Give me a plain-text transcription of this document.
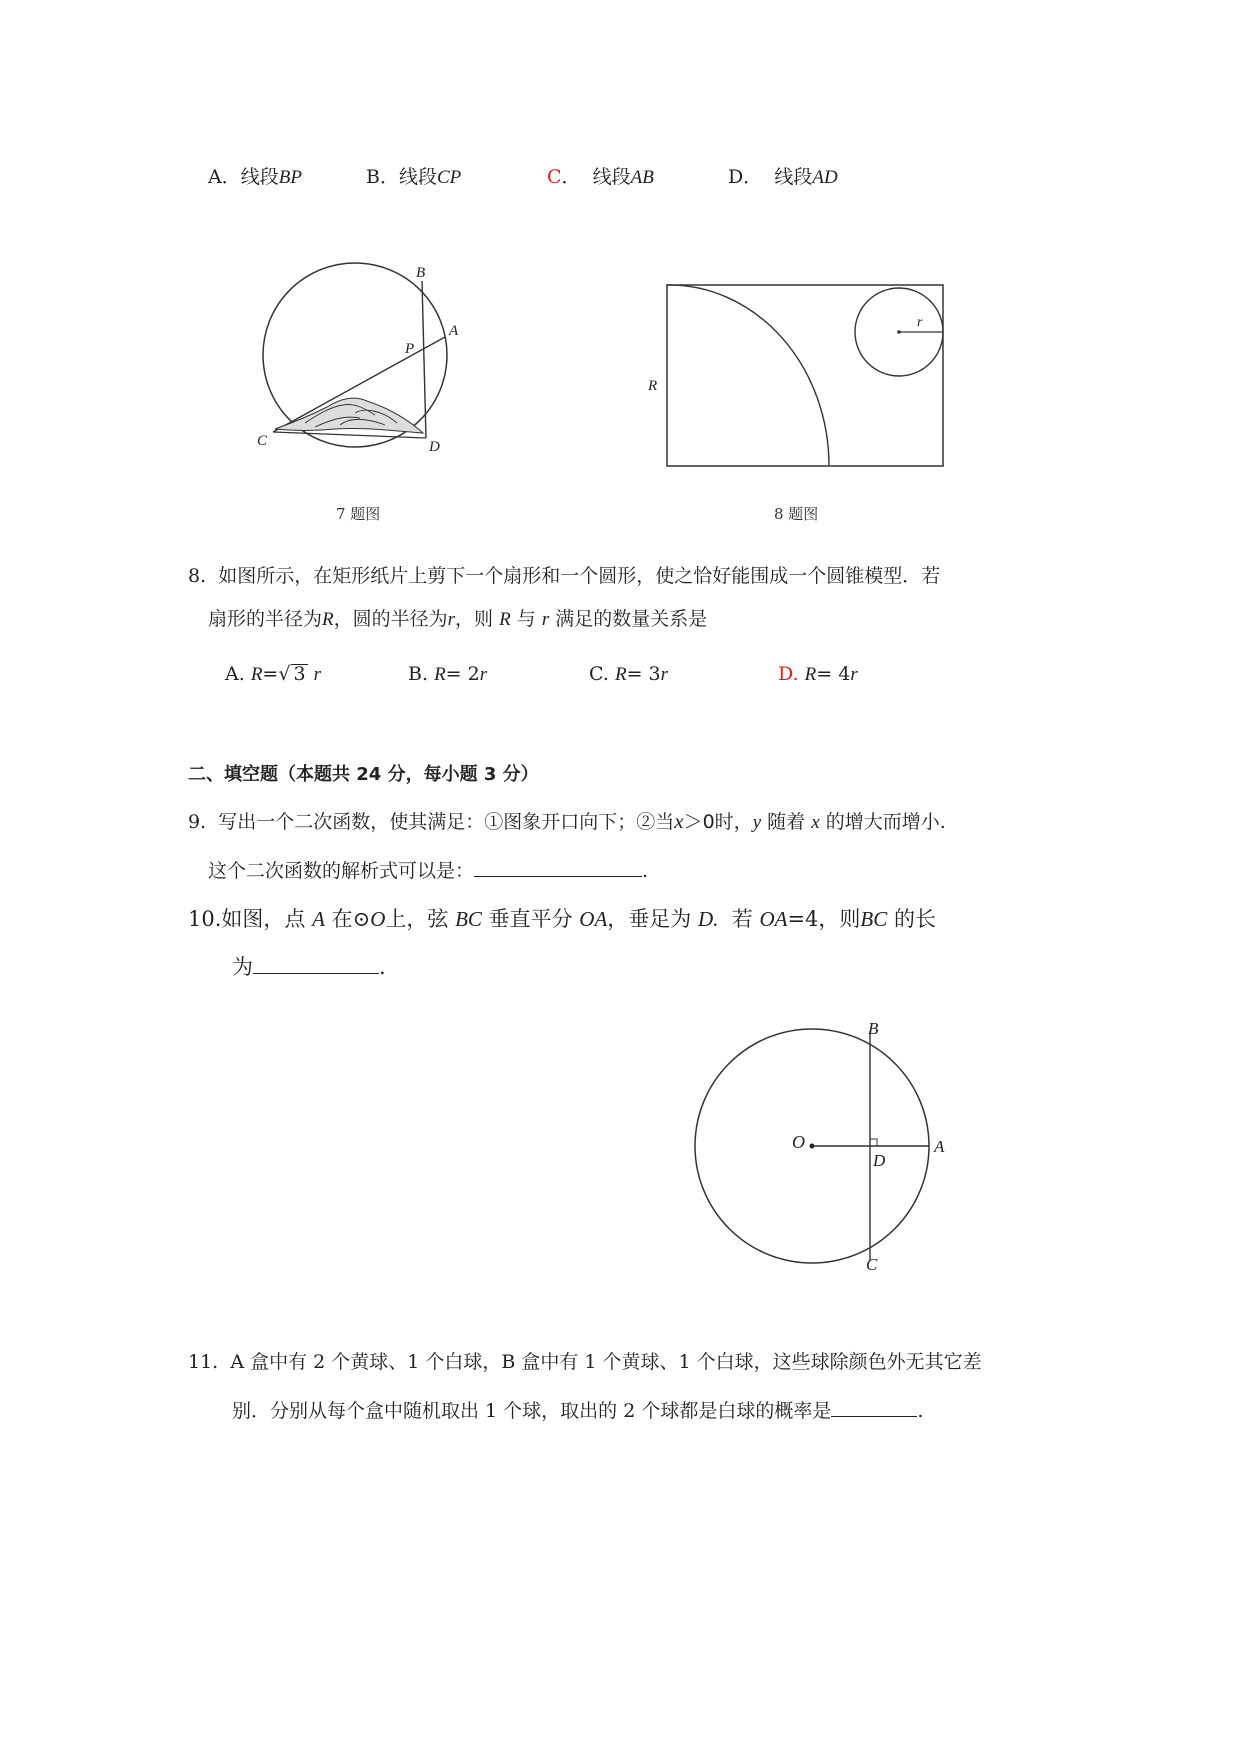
A．线段BP	B．线段CP	C． 线段AB	D． 线段AD
B
A
P
C	D
7 题图
r
R
8 题图
8. 如图所示，在矩形纸片上剪下一个扇形和一个圆形，使之恰好能围成一个圆锥模型．若
扇形的半径为R，圆的半径为r，则 R 与 r 满足的数量关系是
A. R=√ 3 r	B. R= 2r	C. R= 3r	D. R= 4r
二、填空题（本题共 24 分，每小题 3 分）
9. 写出一个二次函数，使其满足：①图象开口向下；②当x＞0时，y 随着 x 的增大而增小.
这个二次函数的解析式可以是：	.
10.如图，点 A 在⊙O上，弦 BC 垂直平分 OA，垂足为 D. 若 OA=4，则BC 的长
为	.
O
B
A
D
C
11. A 盒中有 2 个黄球、1 个白球，B 盒中有 1 个黄球、1 个白球，这些球除颜色外无其它差
别．分别从每个盒中随机取出 1 个球，取出的 2 个球都是白球的概率是	.
